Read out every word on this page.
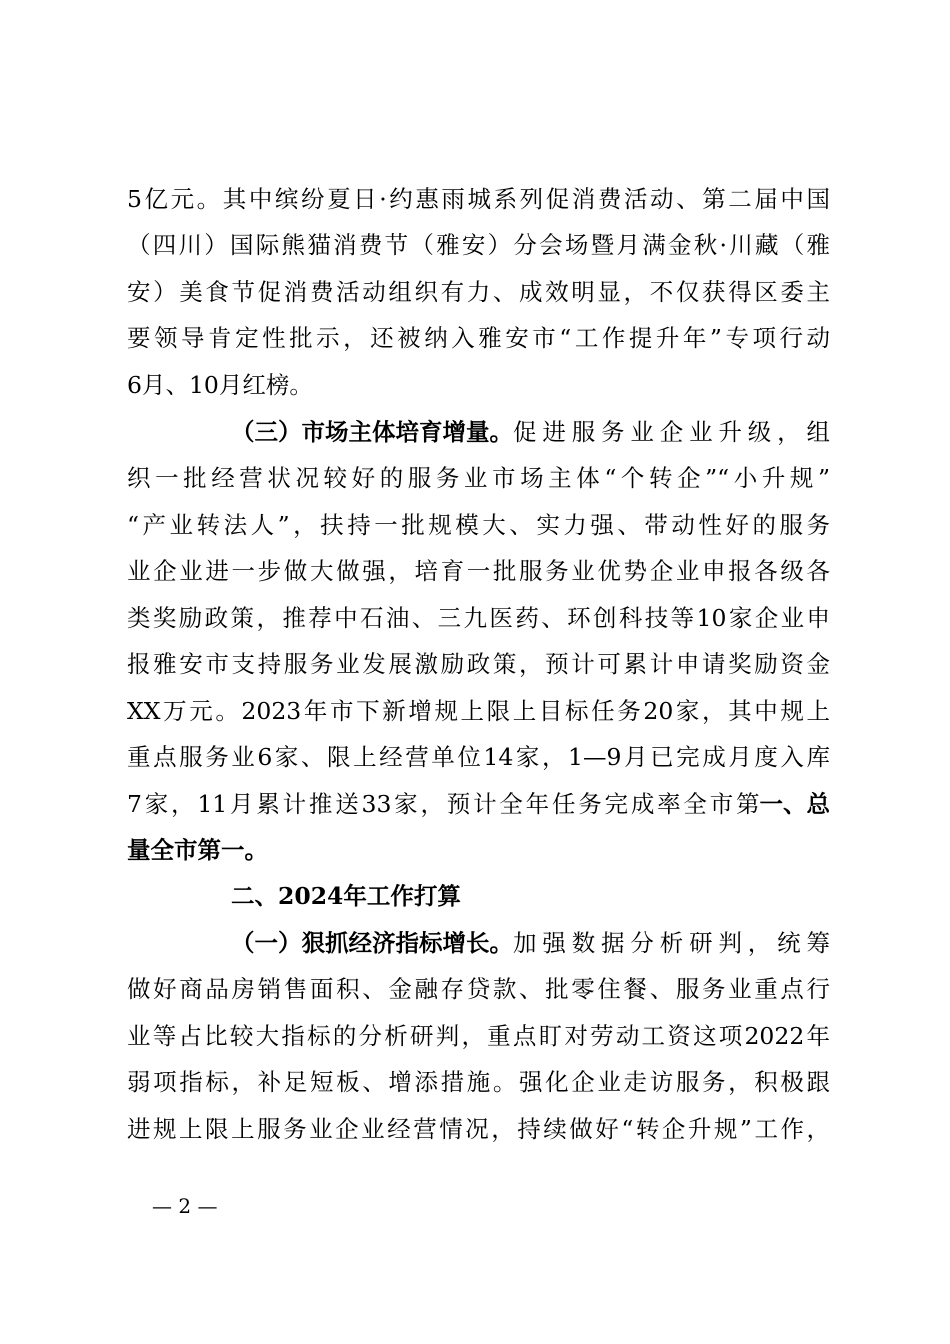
5亿元。其中缤纷夏日·约惠雨城系列促消费活动、第二届中国
（四川）国际熊猫消费节（雅安）分会场暨月满金秋·川藏（雅
安）美食节促消费活动组织有力、成效明显，不仅获得区委主
要领导肯定性批示，还被纳入雅安市“工作提升年”专项行动
6月、10月红榜。
（三）市场主体培育增量。 促进服务业企业升级，组
织一批经营状况较好的服务业市场主体“个转企”“小升规”
“产业转法人”，扶持一批规模大、实力强、带动性好的服务
业企业进一步做大做强，培育一批服务业优势企业申报各级各
类奖励政策，推荐中石油、三九医药、环创科技等10家企业申
报雅安市支持服务业发展激励政策，预计可累计申请奖励资金
XX万元。2023年市下新增规上限上目标任务20家，其中规上
重点服务业6家、限上经营单位14家，1—9月已完成月度入库
7家，11月累计推送33家，预计全年任务完成率全市第 一、总
量全市第一。
二、2024年工作打算
（一）狠抓经济指标增长。 加强数据分析研判，统筹
做好商品房销售面积、金融存贷款、批零住餐、服务业重点行
业等占比较大指标的分析研判，重点盯对劳动工资这项2022年
弱项指标，补足短板、增添措施。强化企业走访服务，积极跟
进规上限上服务业企业经营情况，持续做好“转企升规”工作，
— 2 —
